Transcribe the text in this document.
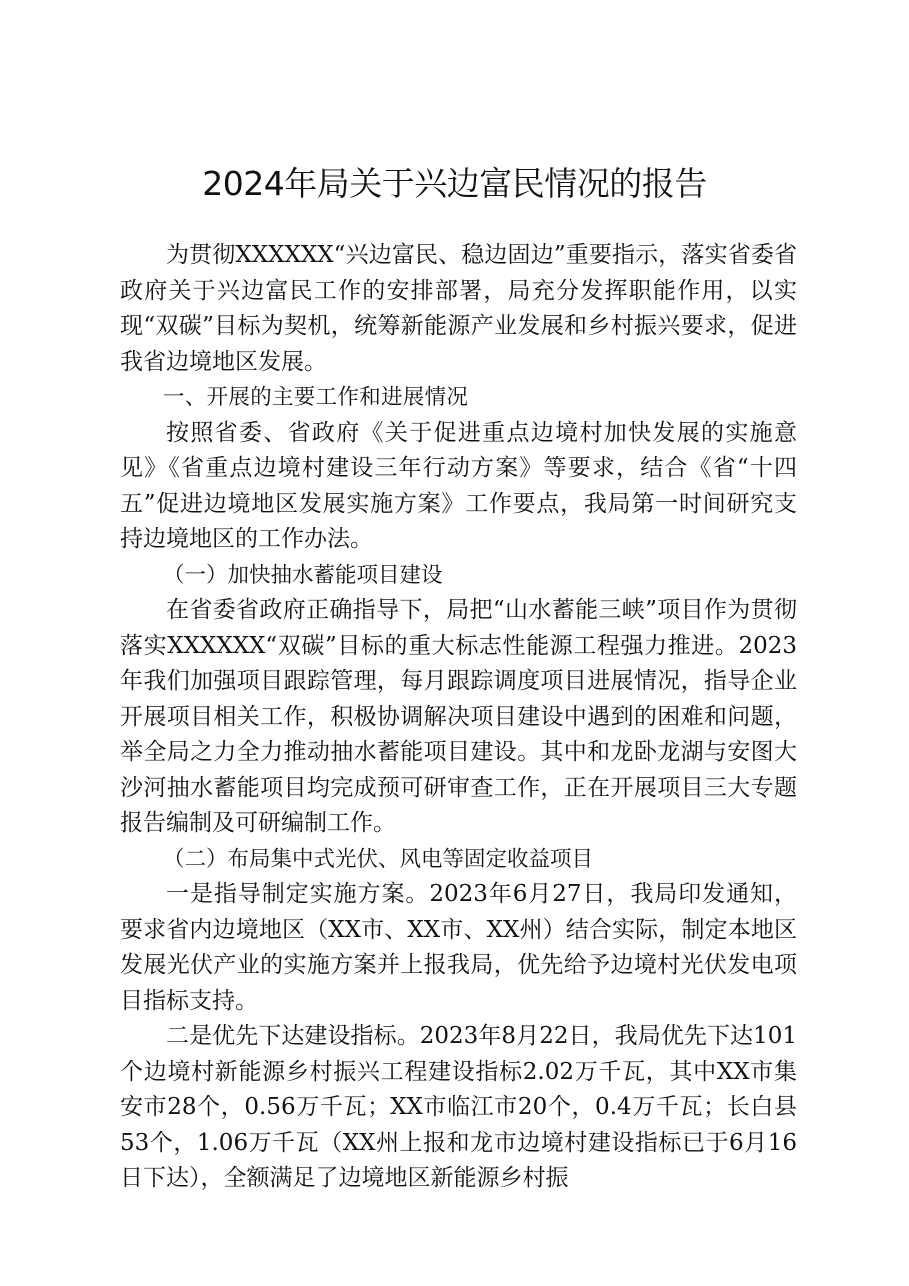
2024年局关于兴边富民情况的报告

为贯彻XXXXXX“兴边富民、稳边固边”重要指示，落实省委省政府关于兴边富民工作的安排部署，局充分发挥职能作用，以实现“双碳”目标为契机，统筹新能源产业发展和乡村振兴要求，促进我省边境地区发展。

一、开展的主要工作和进展情况

按照省委、省政府《关于促进重点边境村加快发展的实施意见》《省重点边境村建设三年行动方案》等要求，结合《省“十四五”促进边境地区发展实施方案》工作要点，我局第一时间研究支持边境地区的工作办法。

（一）加快抽水蓄能项目建设

在省委省政府正确指导下，局把“山水蓄能三峡”项目作为贯彻落实XXXXXX“双碳”目标的重大标志性能源工程强力推进。2023年我们加强项目跟踪管理，每月跟踪调度项目进展情况，指导企业开展项目相关工作，积极协调解决项目建设中遇到的困难和问题，举全局之力全力推动抽水蓄能项目建设。其中和龙卧龙湖与安图大沙河抽水蓄能项目均完成预可研审查工作，正在开展项目三大专题报告编制及可研编制工作。

（二）布局集中式光伏、风电等固定收益项目

一是指导制定实施方案。2023年6月27日，我局印发通知，要求省内边境地区（XX市、XX市、XX州）结合实际，制定本地区发展光伏产业的实施方案并上报我局，优先给予边境村光伏发电项目指标支持。

二是优先下达建设指标。2023年8月22日，我局优先下达101个边境村新能源乡村振兴工程建设指标2.02万千瓦，其中XX市集安市28个，0.56万千瓦；XX市临江市20个，0.4万千瓦；长白县53个，1.06万千瓦（XX州上报和龙市边境村建设指标已于6月16日下达），全额满足了边境地区新能源乡村振
